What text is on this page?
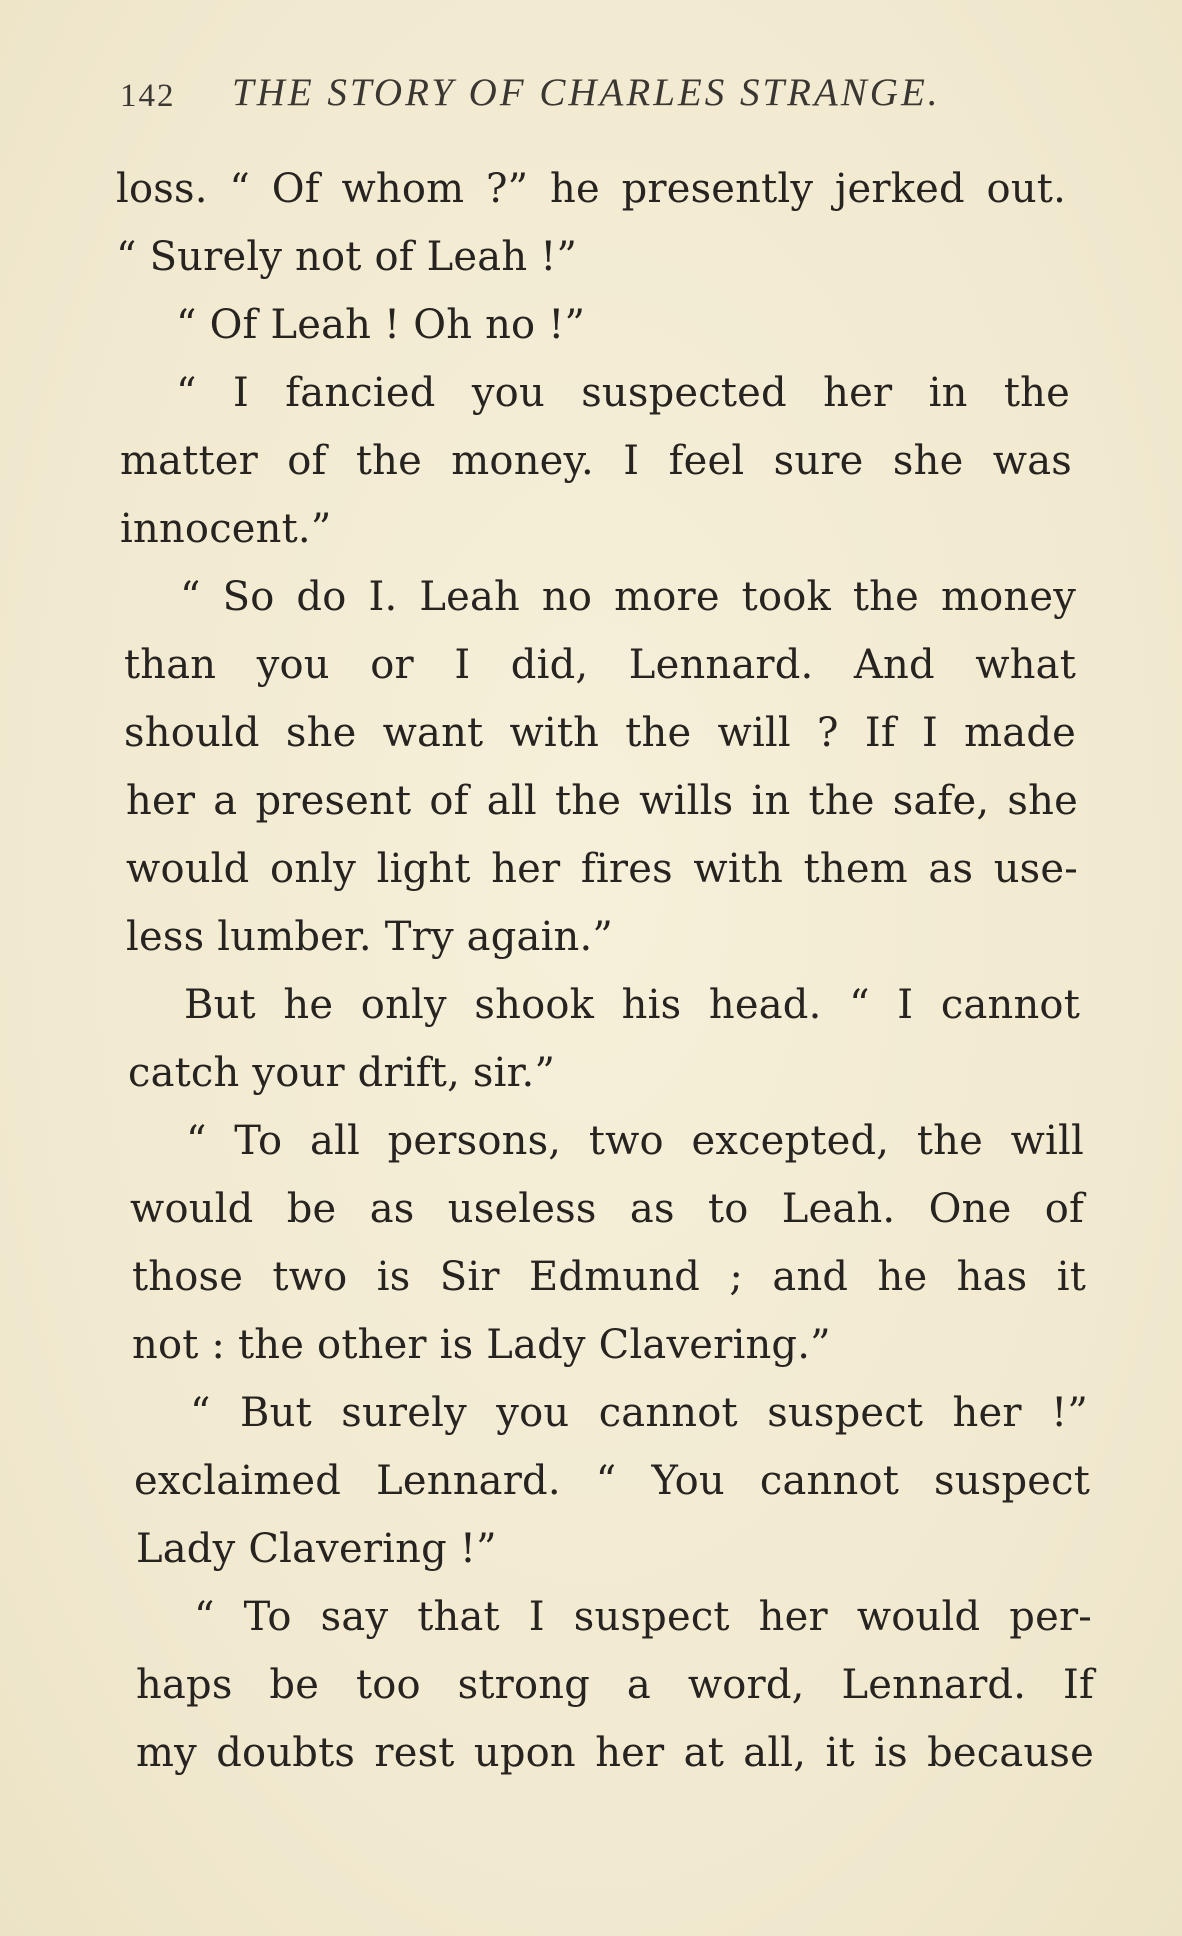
142 THE STORY OF CHARLES STRANGE.
loss. “ Of whom ?” he presently jerked out.
“ Surely not of Leah !”
“ Of Leah ! Oh no !”
“ I fancied you suspected her in the
matter of the money. I feel sure she was
innocent.”
“ So do I. Leah no more took the money
than you or I did, Lennard. And what
should she want with the will ? If I made
her a present of all the wills in the safe, she
would only light her fires with them as use-
less lumber. Try again.”
But he only shook his head. “ I cannot
catch your drift, sir.”
“ To all persons, two excepted, the will
would be as useless as to Leah. One of
those two is Sir Edmund ; and he has it
not : the other is Lady Clavering.”
“ But surely you cannot suspect her !”
exclaimed Lennard. “ You cannot suspect
Lady Clavering !”
“ To say that I suspect her would per-
haps be too strong a word, Lennard. If
my doubts rest upon her at all, it is because
